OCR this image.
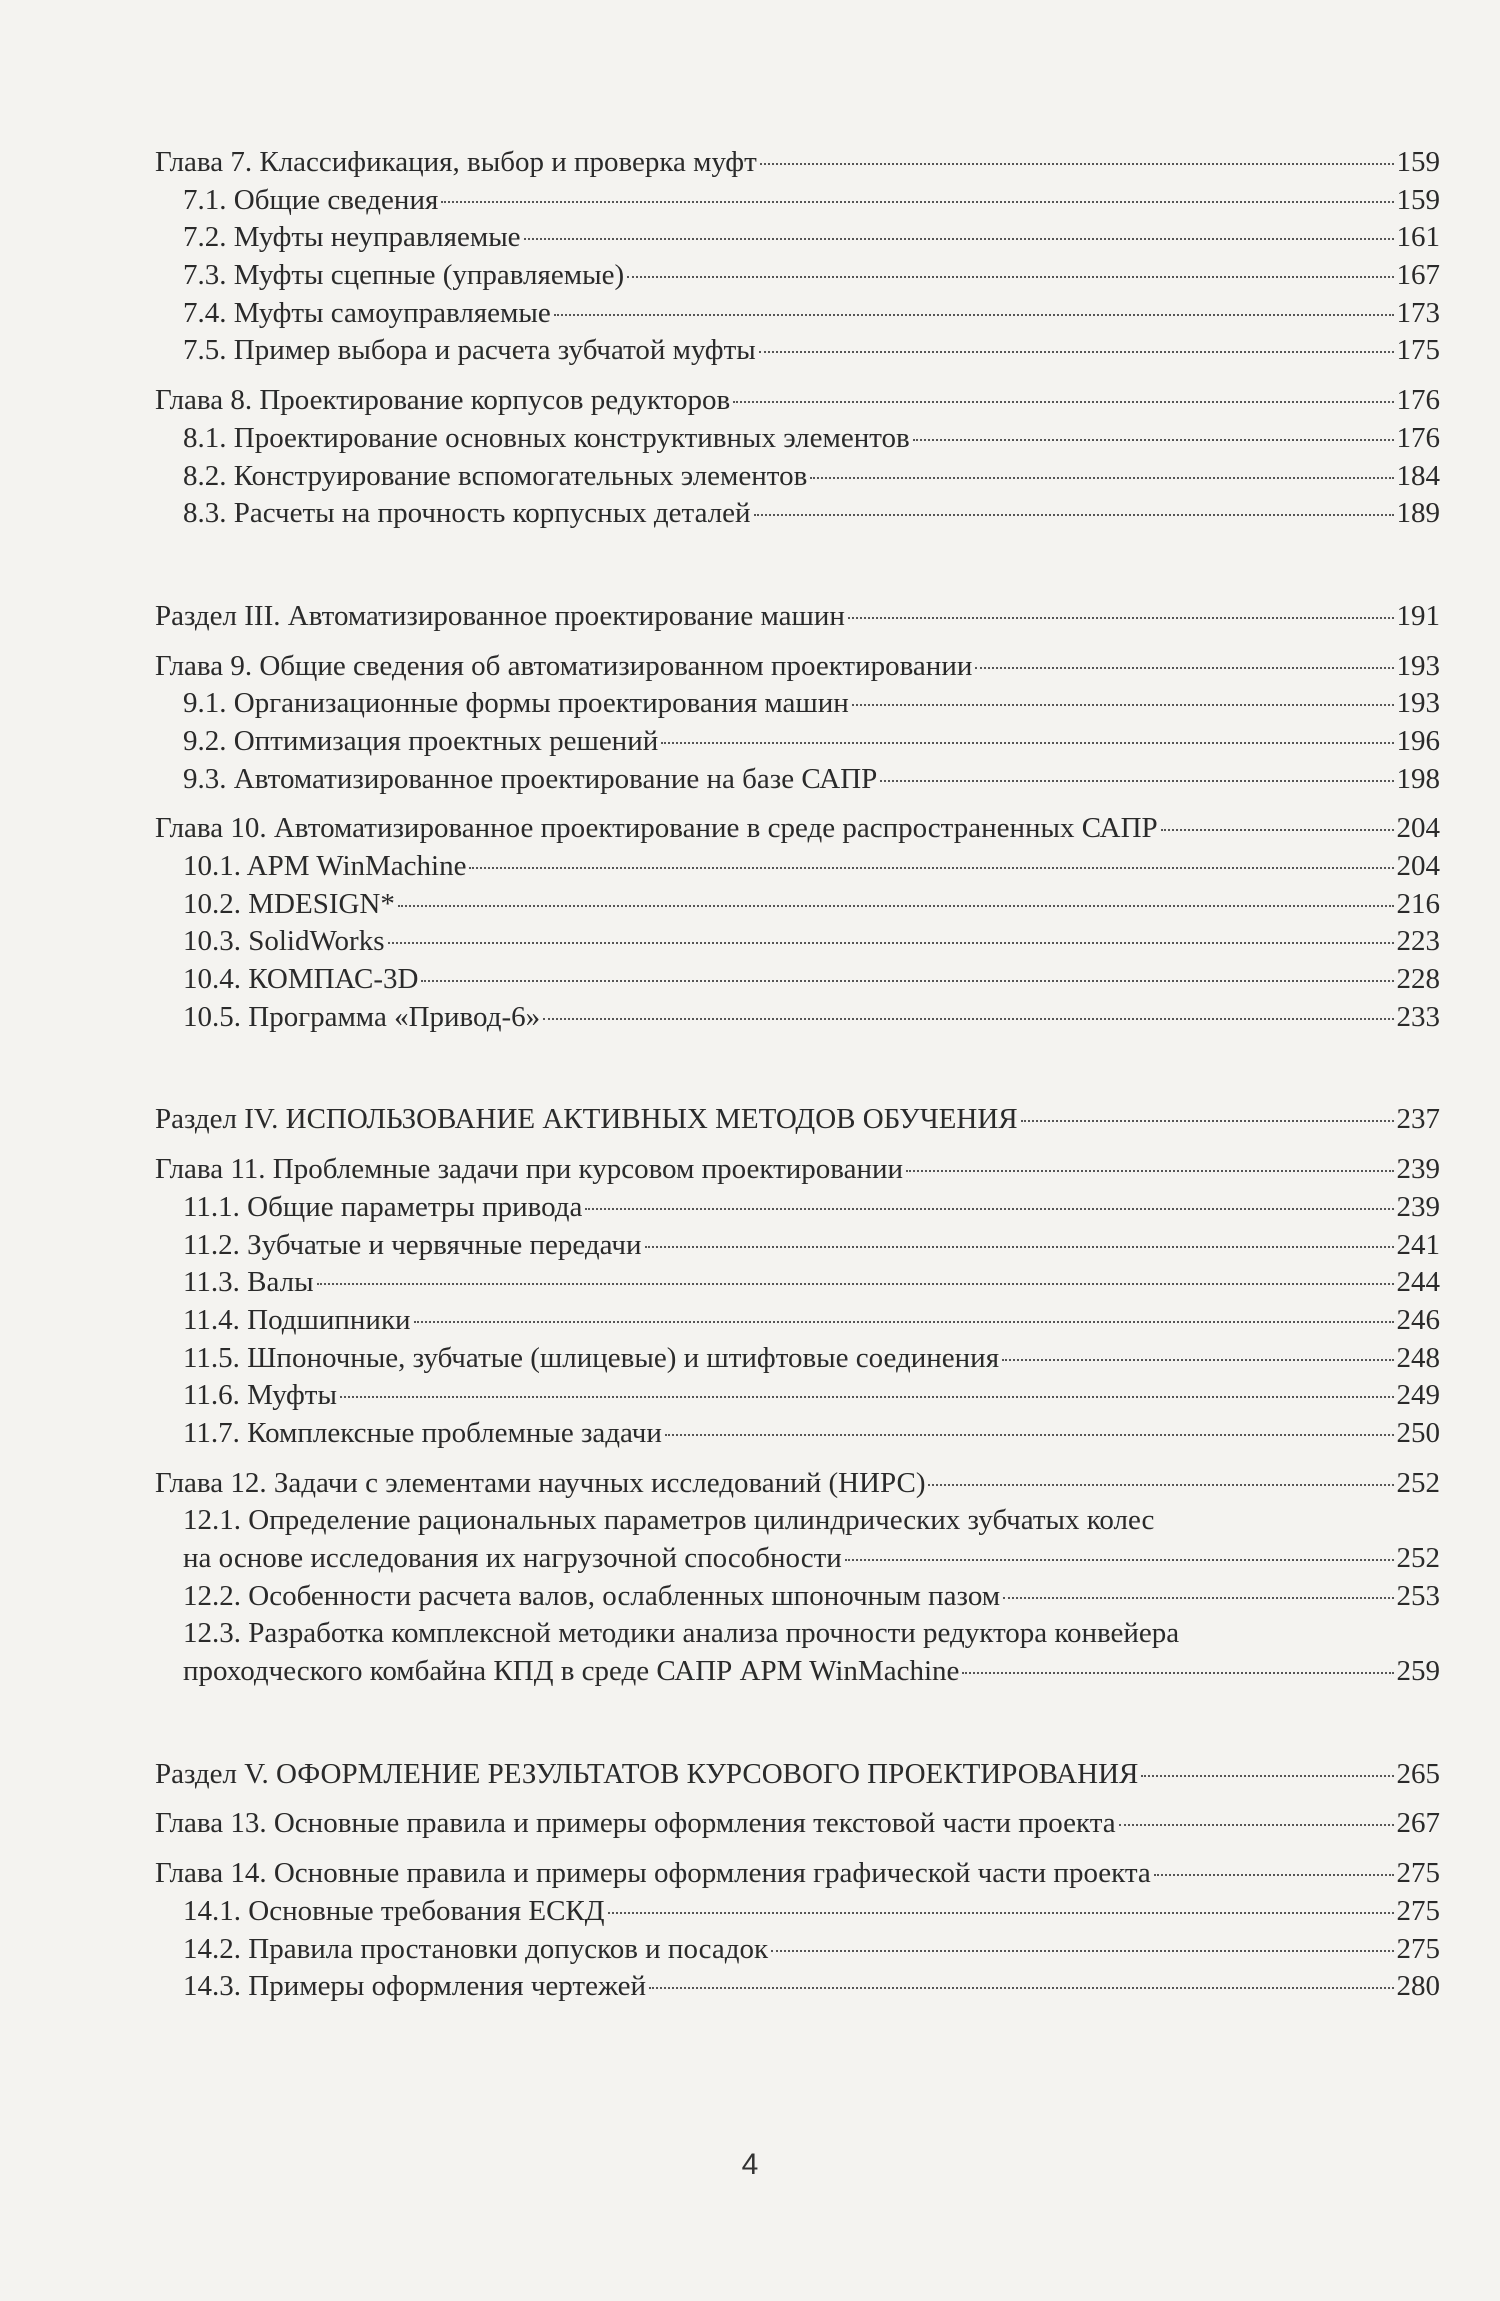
Глава 7. Классификация, выбор и проверка муфт	159
7.1. Общие сведения	159
7.2. Муфты неуправляемые	161
7.3. Муфты сцепные (управляемые)	167
7.4. Муфты самоуправляемые	173
7.5. Пример выбора и расчета зубчатой муфты	175
Глава 8. Проектирование корпусов редукторов	176
8.1. Проектирование основных конструктивных элементов	176
8.2. Конструирование вспомогательных элементов	184
8.3. Расчеты на прочность корпусных деталей	189
Раздел III. Автоматизированное проектирование машин	191
Глава 9. Общие сведения об автоматизированном проектировании	193
9.1. Организационные формы проектирования машин	193
9.2. Оптимизация проектных решений	196
9.3. Автоматизированное проектирование на базе САПР	198
Глава 10. Автоматизированное проектирование в среде распространенных САПР	204
10.1. APM WinMachine	204
10.2. MDESIGN*	216
10.3. SolidWorks	223
10.4. КОМПАС-3D	228
10.5. Программа «Привод-6»	233
Раздел IV. ИСПОЛЬЗОВАНИЕ АКТИВНЫХ МЕТОДОВ ОБУЧЕНИЯ	237
Глава 11. Проблемные задачи при курсовом проектировании	239
11.1. Общие параметры привода	239
11.2. Зубчатые и червячные передачи	241
11.3. Валы	244
11.4. Подшипники	246
11.5. Шпоночные, зубчатые (шлицевые) и штифтовые соединения	248
11.6. Муфты	249
11.7. Комплексные проблемные задачи	250
Глава 12. Задачи с элементами научных исследований (НИРС)	252
12.1. Определение рациональных параметров цилиндрических зубчатых колес
на основе исследования их нагрузочной способности	252
12.2. Особенности расчета валов, ослабленных шпоночным пазом	253
12.3. Разработка комплексной методики анализа прочности редуктора конвейера
проходческого комбайна КПД в среде САПР APM WinMachine	259
Раздел V. ОФОРМЛЕНИЕ РЕЗУЛЬТАТОВ КУРСОВОГО ПРОЕКТИРОВАНИЯ	265
Глава 13. Основные правила и примеры оформления текстовой части проекта	267
Глава 14. Основные правила и примеры оформления графической части проекта	275
14.1. Основные требования ЕСКД	275
14.2. Правила простановки допусков и посадок	275
14.3. Примеры оформления чертежей	280
4
